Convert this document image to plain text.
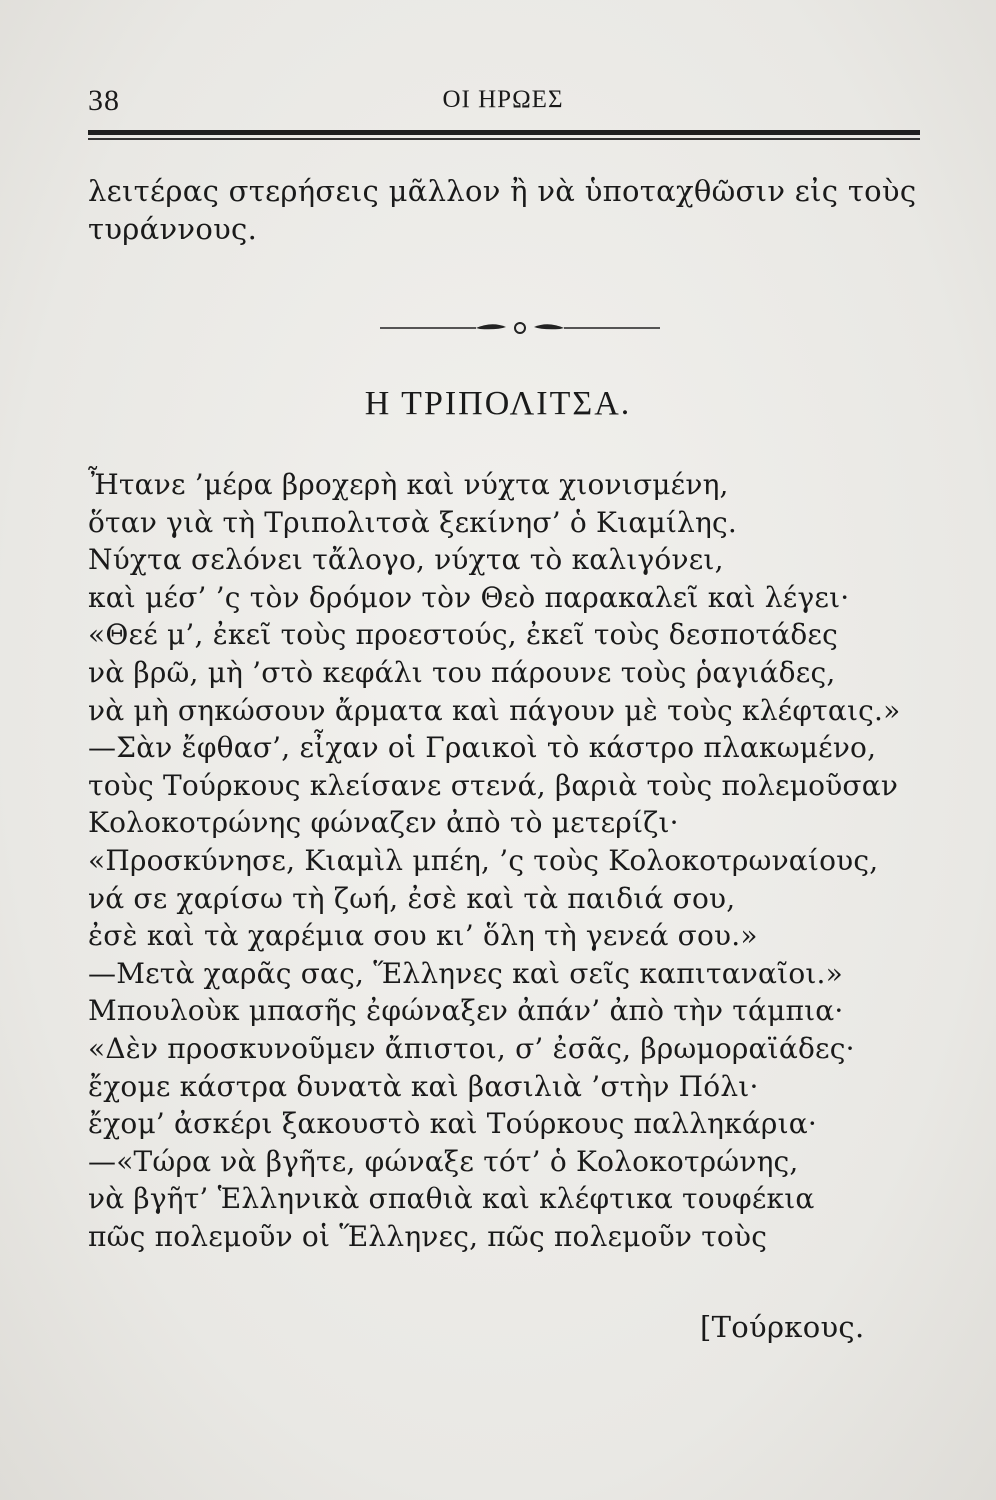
38	ΟΙ ΗΡΩΕΣ
λειτέρας στερήσεις μᾶλλον ἢ νὰ ὑποταχθῶσιν εἰς τοὺς
τυράννους.
Η ΤΡΙΠΟΛΙΤΣΑ.
Ἦτανε ’μέρα βροχερὴ καὶ νύχτα χιονισμένη,
ὅταν γιὰ τὴ Τριπολιτσὰ ξεκίνησ’ ὁ Κιαμίλης.
Νύχτα σελόνει τἄλογο, νύχτα τὸ καλιγόνει,
καὶ μέσ’ ’ς τὸν δρόμον τὸν Θεὸ παρακαλεῖ καὶ λέγει·
«Θεέ μ’, ἐκεῖ τοὺς προεστούς, ἐκεῖ τοὺς δεσποτάδες
νὰ βρῶ, μὴ ’στὸ κεφάλι του πάρουνε τοὺς ῥαγιάδες,
νὰ μὴ σηκώσουν ἄρματα καὶ πάγουν μὲ τοὺς κλέφταις.»
—Σὰν ἔφθασ’, εἶχαν οἱ Γραικοὶ τὸ κάστρο πλακωμένο,
τοὺς Τούρκους κλείσανε στενά, βαριὰ τοὺς πολεμοῦσαν
Κολοκοτρώνης φώναζεν ἀπὸ τὸ μετερίζι·
«Προσκύνησε, Κιαμὶλ μπέη, ’ς τοὺς Κολοκοτρωναίους,
νά σε χαρίσω τὴ ζωή, ἐσὲ καὶ τὰ παιδιά σου,
ἐσὲ καὶ τὰ χαρέμια σου κι’ ὅλη τὴ γενεά σου.»
—Μετὰ χαρᾶς σας, Ἕλληνες καὶ σεῖς καπιταναῖοι.»
Μπουλοὺκ μπασῆς ἐφώναξεν ἀπάν’ ἀπὸ τὴν τάμπια·
«Δὲν προσκυνοῦμεν ἄπιστοι, σ’ ἐσᾶς, βρωμοραϊάδες·
ἔχομε κάστρα δυνατὰ καὶ βασιλιὰ ’στὴν Πόλι·
ἔχομ’ ἀσκέρι ξακουστὸ καὶ Τούρκους παλληκάρια·
—«Τώρα νὰ βγῆτε, φώναξε τότ’ ὁ Κολοκοτρώνης,
νὰ βγῆτ’ Ἑλληνικὰ σπαθιὰ καὶ κλέφτικα τουφέκια
πῶς πολεμοῦν οἱ Ἕλληνες, πῶς πολεμοῦν τοὺς
[Τούρκους.
